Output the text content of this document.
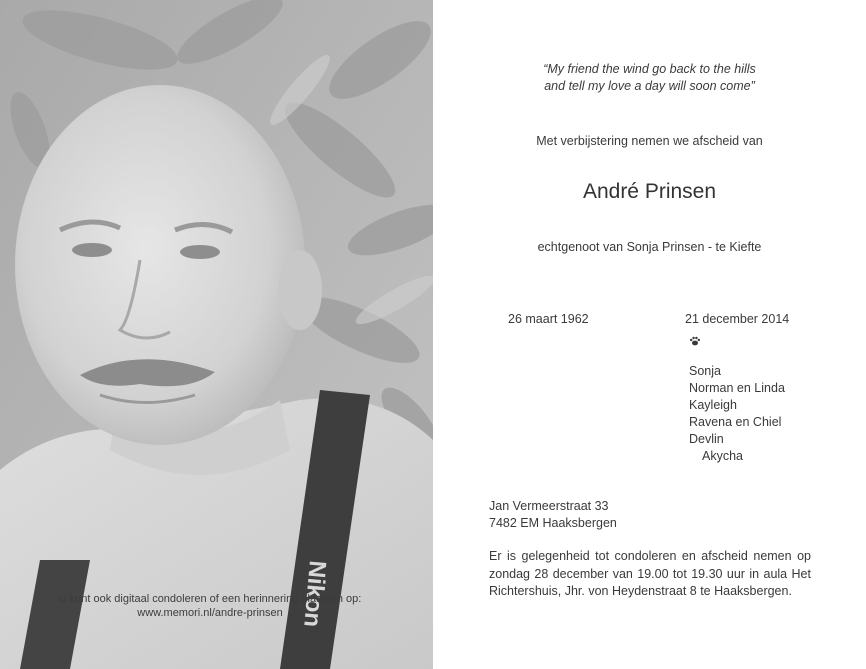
Nikon
U kunt ook digitaal condoleren of een herinnering plaatsen op:
www.memori.nl/andre-prinsen
“My friend the wind go back to the hills
and tell my love a day will soon come”
Met verbijstering nemen we afscheid van
André Prinsen
echtgenoot van Sonja Prinsen - te Kiefte
26 maart 1962	21 december 2014
Sonja
Norman en Linda
Kayleigh
Ravena en Chiel
Devlin
Akycha
Jan Vermeerstraat 33
7482 EM Haaksbergen
Er is gelegenheid tot condoleren en afscheid nemen op zondag 28 december van 19.00 tot 19.30 uur in aula Het Richtershuis, Jhr. von Heydenstraat 8 te Haaksbergen.
